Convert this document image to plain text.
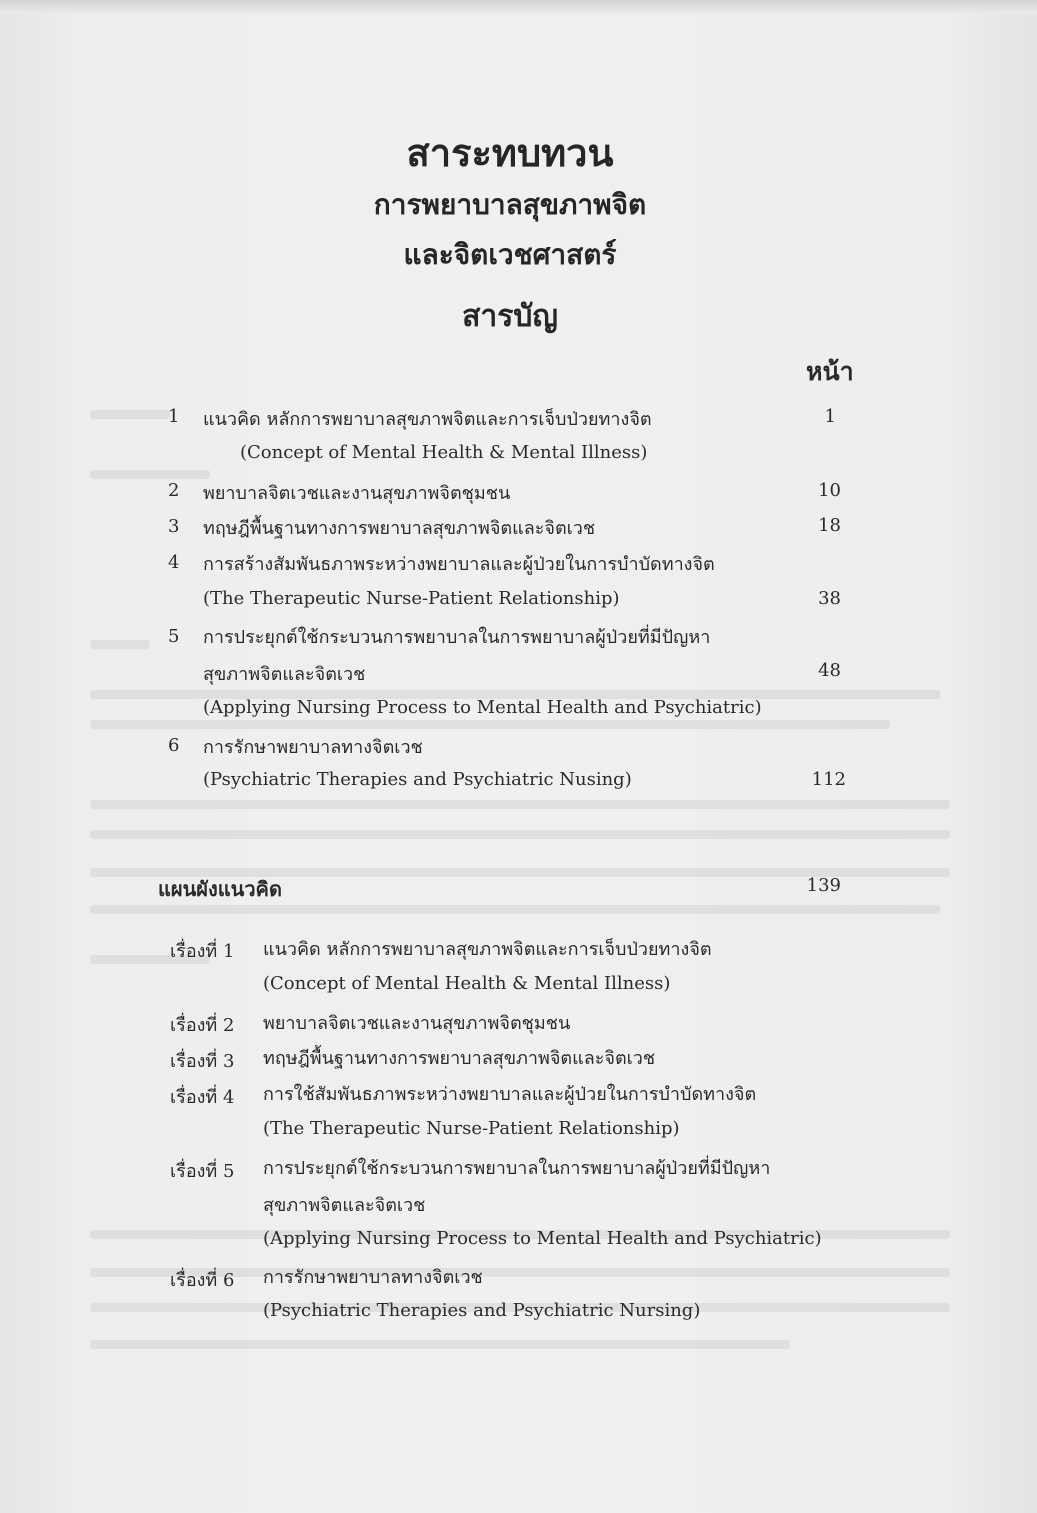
สาระทบทวน
การพยาบาลสุขภาพจิต
และจิตเวชศาสตร์
สารบัญ
หน้า
1 แนวคิด หลักการพยาบาลสุขภาพจิตและการเจ็บป่วยทางจิต	1
(Concept of Mental Health & Mental Illness)
2 พยาบาลจิตเวชและงานสุขภาพจิตชุมชน	10
3 ทฤษฎีพื้นฐานทางการพยาบาลสุขภาพจิตและจิตเวช	18
4 การสร้างสัมพันธภาพระหว่างพยาบาลและผู้ป่วยในการบำบัดทางจิต
(The Therapeutic Nurse-Patient Relationship)	38
5 การประยุกต์ใช้กระบวนการพยาบาลในการพยาบาลผู้ป่วยที่มีปัญหา
สุขภาพจิตและจิตเวช	48
(Applying Nursing Process to Mental Health and Psychiatric)
6 การรักษาพยาบาลทางจิตเวช
(Psychiatric Therapies and Psychiatric Nusing)	112
แผนผังแนวคิด	139
เรื่องที่ 1 แนวคิด หลักการพยาบาลสุขภาพจิตและการเจ็บป่วยทางจิต
(Concept of Mental Health & Mental Illness)
เรื่องที่ 2 พยาบาลจิตเวชและงานสุขภาพจิตชุมชน
เรื่องที่ 3 ทฤษฎีพื้นฐานทางการพยาบาลสุขภาพจิตและจิตเวช
เรื่องที่ 4 การใช้สัมพันธภาพระหว่างพยาบาลและผู้ป่วยในการบำบัดทางจิต
(The Therapeutic Nurse-Patient Relationship)
เรื่องที่ 5 การประยุกต์ใช้กระบวนการพยาบาลในการพยาบาลผู้ป่วยที่มีปัญหา
สุขภาพจิตและจิตเวช
(Applying Nursing Process to Mental Health and Psychiatric)
เรื่องที่ 6 การรักษาพยาบาลทางจิตเวช
(Psychiatric Therapies and Psychiatric Nursing)
